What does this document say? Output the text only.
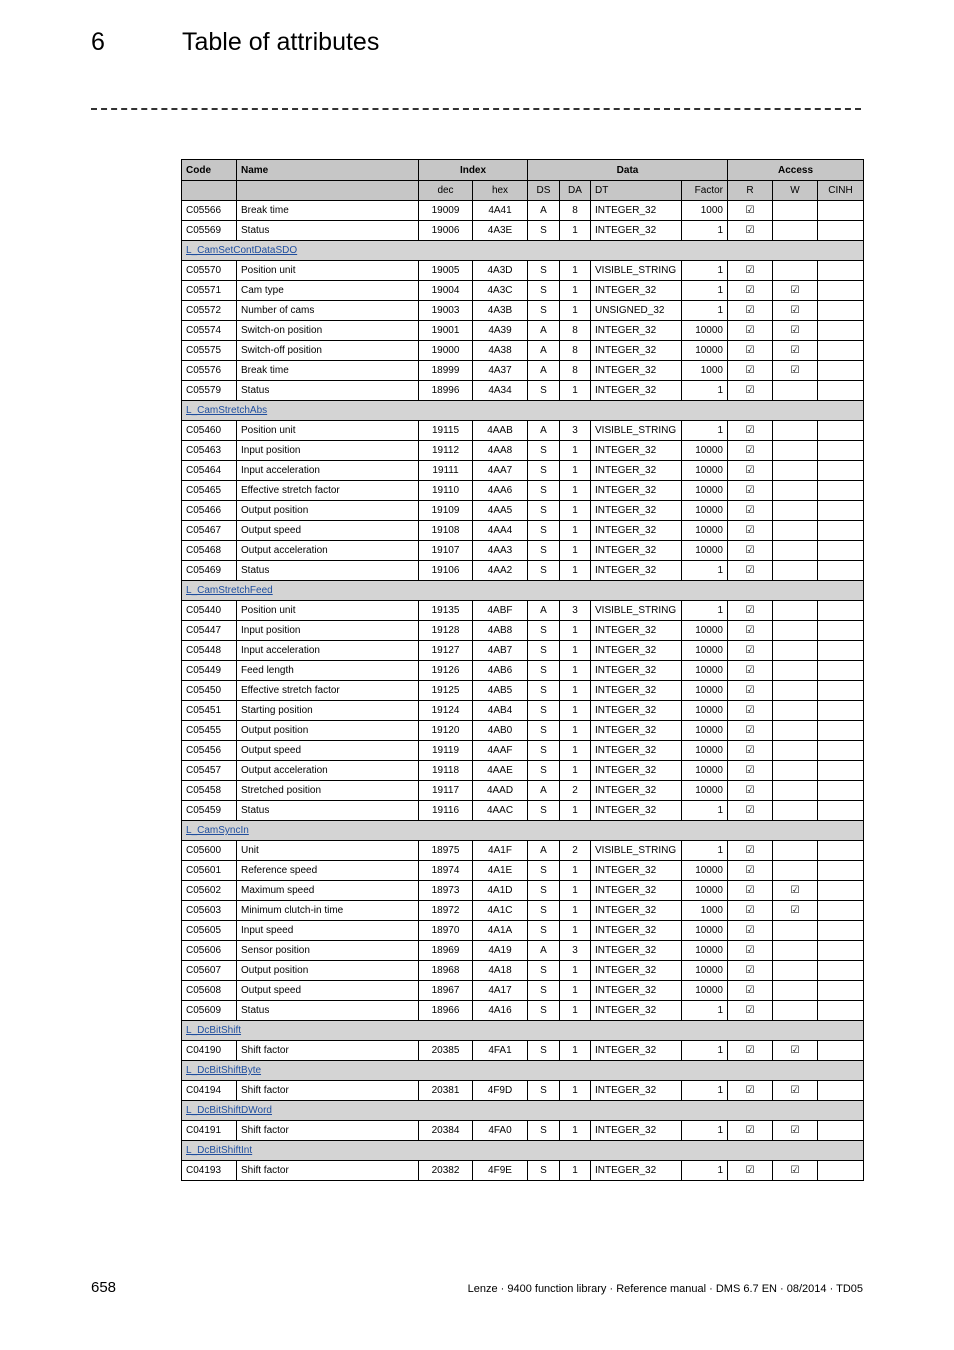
6	Table of attributes
Code	Name	Index		Data				Access		
		dec	hex	DS	DA	DT	Factor	R	W	CINH
C05566	Break time	19009	4A41	A	8	INTEGER_32	1000	☑		
C05569	Status	19006	4A3E	S	1	INTEGER_32	1	☑		
L_CamSetContDataSDO										
C05570	Position unit	19005	4A3D	S	1	VISIBLE_STRING	1	☑		
C05571	Cam type	19004	4A3C	S	1	INTEGER_32	1	☑	☑	
C05572	Number of cams	19003	4A3B	S	1	UNSIGNED_32	1	☑	☑	
C05574	Switch-on position	19001	4A39	A	8	INTEGER_32	10000	☑	☑	
C05575	Switch-off position	19000	4A38	A	8	INTEGER_32	10000	☑	☑	
C05576	Break time	18999	4A37	A	8	INTEGER_32	1000	☑	☑	
C05579	Status	18996	4A34	S	1	INTEGER_32	1	☑		
L_CamStretchAbs										
C05460	Position unit	19115	4AAB	A	3	VISIBLE_STRING	1	☑		
C05463	Input position	19112	4AA8	S	1	INTEGER_32	10000	☑		
C05464	Input acceleration	19111	4AA7	S	1	INTEGER_32	10000	☑		
C05465	Effective stretch factor	19110	4AA6	S	1	INTEGER_32	10000	☑		
C05466	Output position	19109	4AA5	S	1	INTEGER_32	10000	☑		
C05467	Output speed	19108	4AA4	S	1	INTEGER_32	10000	☑		
C05468	Output acceleration	19107	4AA3	S	1	INTEGER_32	10000	☑		
C05469	Status	19106	4AA2	S	1	INTEGER_32	1	☑		
L_CamStretchFeed										
C05440	Position unit	19135	4ABF	A	3	VISIBLE_STRING	1	☑		
C05447	Input position	19128	4AB8	S	1	INTEGER_32	10000	☑		
C05448	Input acceleration	19127	4AB7	S	1	INTEGER_32	10000	☑		
C05449	Feed length	19126	4AB6	S	1	INTEGER_32	10000	☑		
C05450	Effective stretch factor	19125	4AB5	S	1	INTEGER_32	10000	☑		
C05451	Starting position	19124	4AB4	S	1	INTEGER_32	10000	☑		
C05455	Output position	19120	4AB0	S	1	INTEGER_32	10000	☑		
C05456	Output speed	19119	4AAF	S	1	INTEGER_32	10000	☑		
C05457	Output acceleration	19118	4AAE	S	1	INTEGER_32	10000	☑		
C05458	Stretched position	19117	4AAD	A	2	INTEGER_32	10000	☑		
C05459	Status	19116	4AAC	S	1	INTEGER_32	1	☑		
L_CamSyncIn										
C05600	Unit	18975	4A1F	A	2	VISIBLE_STRING	1	☑		
C05601	Reference speed	18974	4A1E	S	1	INTEGER_32	10000	☑		
C05602	Maximum speed	18973	4A1D	S	1	INTEGER_32	10000	☑	☑	
C05603	Minimum clutch-in time	18972	4A1C	S	1	INTEGER_32	1000	☑	☑	
C05605	Input speed	18970	4A1A	S	1	INTEGER_32	10000	☑		
C05606	Sensor position	18969	4A19	A	3	INTEGER_32	10000	☑		
C05607	Output position	18968	4A18	S	1	INTEGER_32	10000	☑		
C05608	Output speed	18967	4A17	S	1	INTEGER_32	10000	☑		
C05609	Status	18966	4A16	S	1	INTEGER_32	1	☑		
L_DcBitShift										
C04190	Shift factor	20385	4FA1	S	1	INTEGER_32	1	☑	☑	
L_DcBitShiftByte										
C04194	Shift factor	20381	4F9D	S	1	INTEGER_32	1	☑	☑	
L_DcBitShiftDWord										
C04191	Shift factor	20384	4FA0	S	1	INTEGER_32	1	☑	☑	
L_DcBitShiftInt										
C04193	Shift factor	20382	4F9E	S	1	INTEGER_32	1	☑	☑	
658	Lenze · 9400 function library · Reference manual · DMS 6.7 EN · 08/2014 · TD05
